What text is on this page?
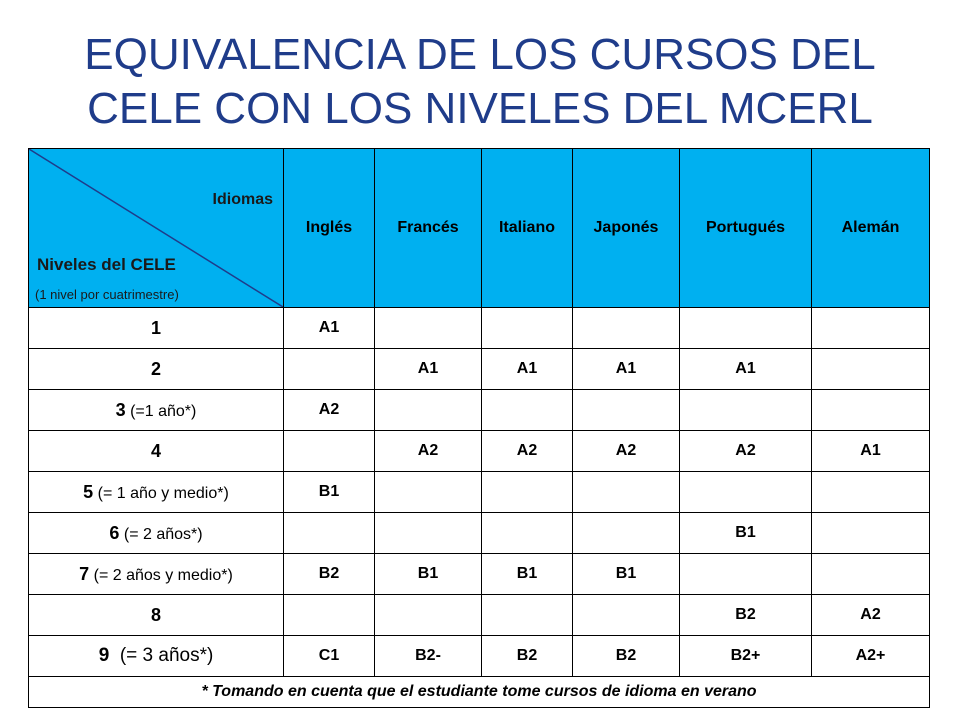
EQUIVALENCIA DE LOS CURSOS DEL
CELE CON LOS NIVELES DEL MCERL
Idiomas
Niveles del CELE
(1 nivel por cuatrimestre)	Inglés	Francés	Italiano	Japonés	Portugués	Alemán
1	A1					
2		A1	A1	A1	A1	
3 (=1 año*)	A2					
4		A2	A2	A2	A2	A1
5 (= 1 año y medio*)	B1					
6 (= 2 años*)					B1	
7 (= 2 años y medio*)	B2	B1	B1	B1		
8					B2	A2
9  (= 3 años*)	C1	B2-	B2	B2	B2+	A2+
* Tomando en cuenta que el estudiante tome cursos de idioma en verano						
